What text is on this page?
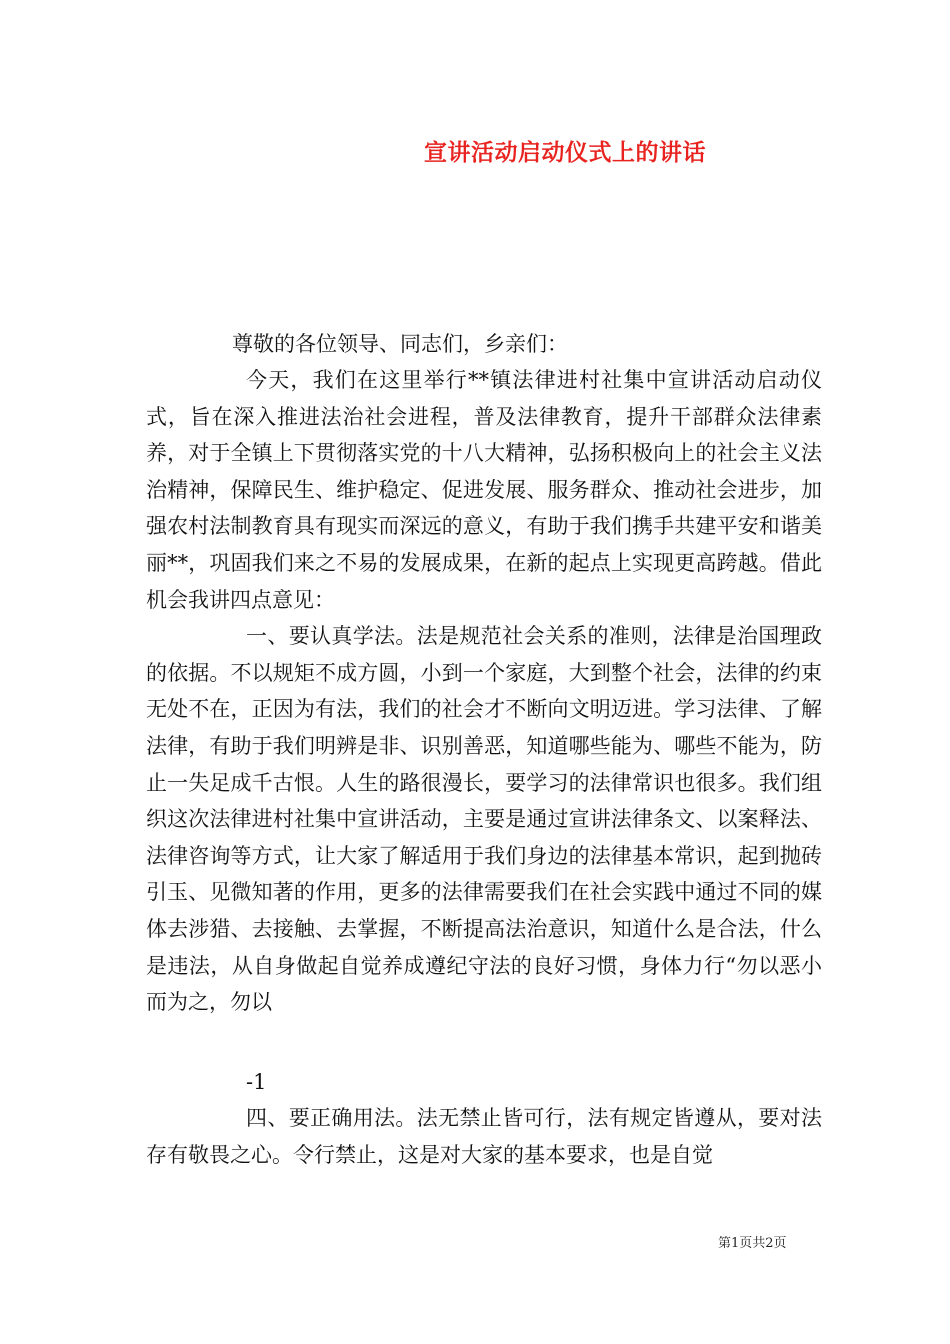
宣讲活动启动仪式上的讲话
尊敬的各位领导、同志们，乡亲们：

今天，我们在这里举行**镇法律进村社集中宣讲活动启动仪式，旨在深入推进法治社会进程，普及法律教育，提升干部群众法律素养，对于全镇上下贯彻落实党的十八大精神，弘扬积极向上的社会主义法治精神，保障民生、维护稳定、促进发展、服务群众、推动社会进步，加强农村法制教育具有现实而深远的意义，有助于我们携手共建平安和谐美丽**，巩固我们来之不易的发展成果，在新的起点上实现更高跨越。借此机会我讲四点意见：

一、要认真学法。法是规范社会关系的准则，法律是治国理政的依据。不以规矩不成方圆，小到一个家庭，大到整个社会，法律的约束无处不在，正因为有法，我们的社会才不断向文明迈进。学习法律、了解法律，有助于我们明辨是非、识别善恶，知道哪些能为、哪些不能为，防止一失足成千古恨。人生的路很漫长，要学习的法律常识也很多。我们组织这次法律进村社集中宣讲活动，主要是通过宣讲法律条文、以案释法、法律咨询等方式，让大家了解适用于我们身边的法律基本常识，起到抛砖引玉、见微知著的作用，更多的法律需要我们在社会实践中通过不同的媒体去涉猎、去接触、去掌握，不断提高法治意识，知道什么是合法，什么是违法，从自身做起自觉养成遵纪守法的良好习惯，身体力行“勿以恶小而为之，勿以

-1

四、要正确用法。法无禁止皆可行，法有规定皆遵从，要对法存有敬畏之心。令行禁止，这是对大家的基本要求，也是自觉

第1页共2页
